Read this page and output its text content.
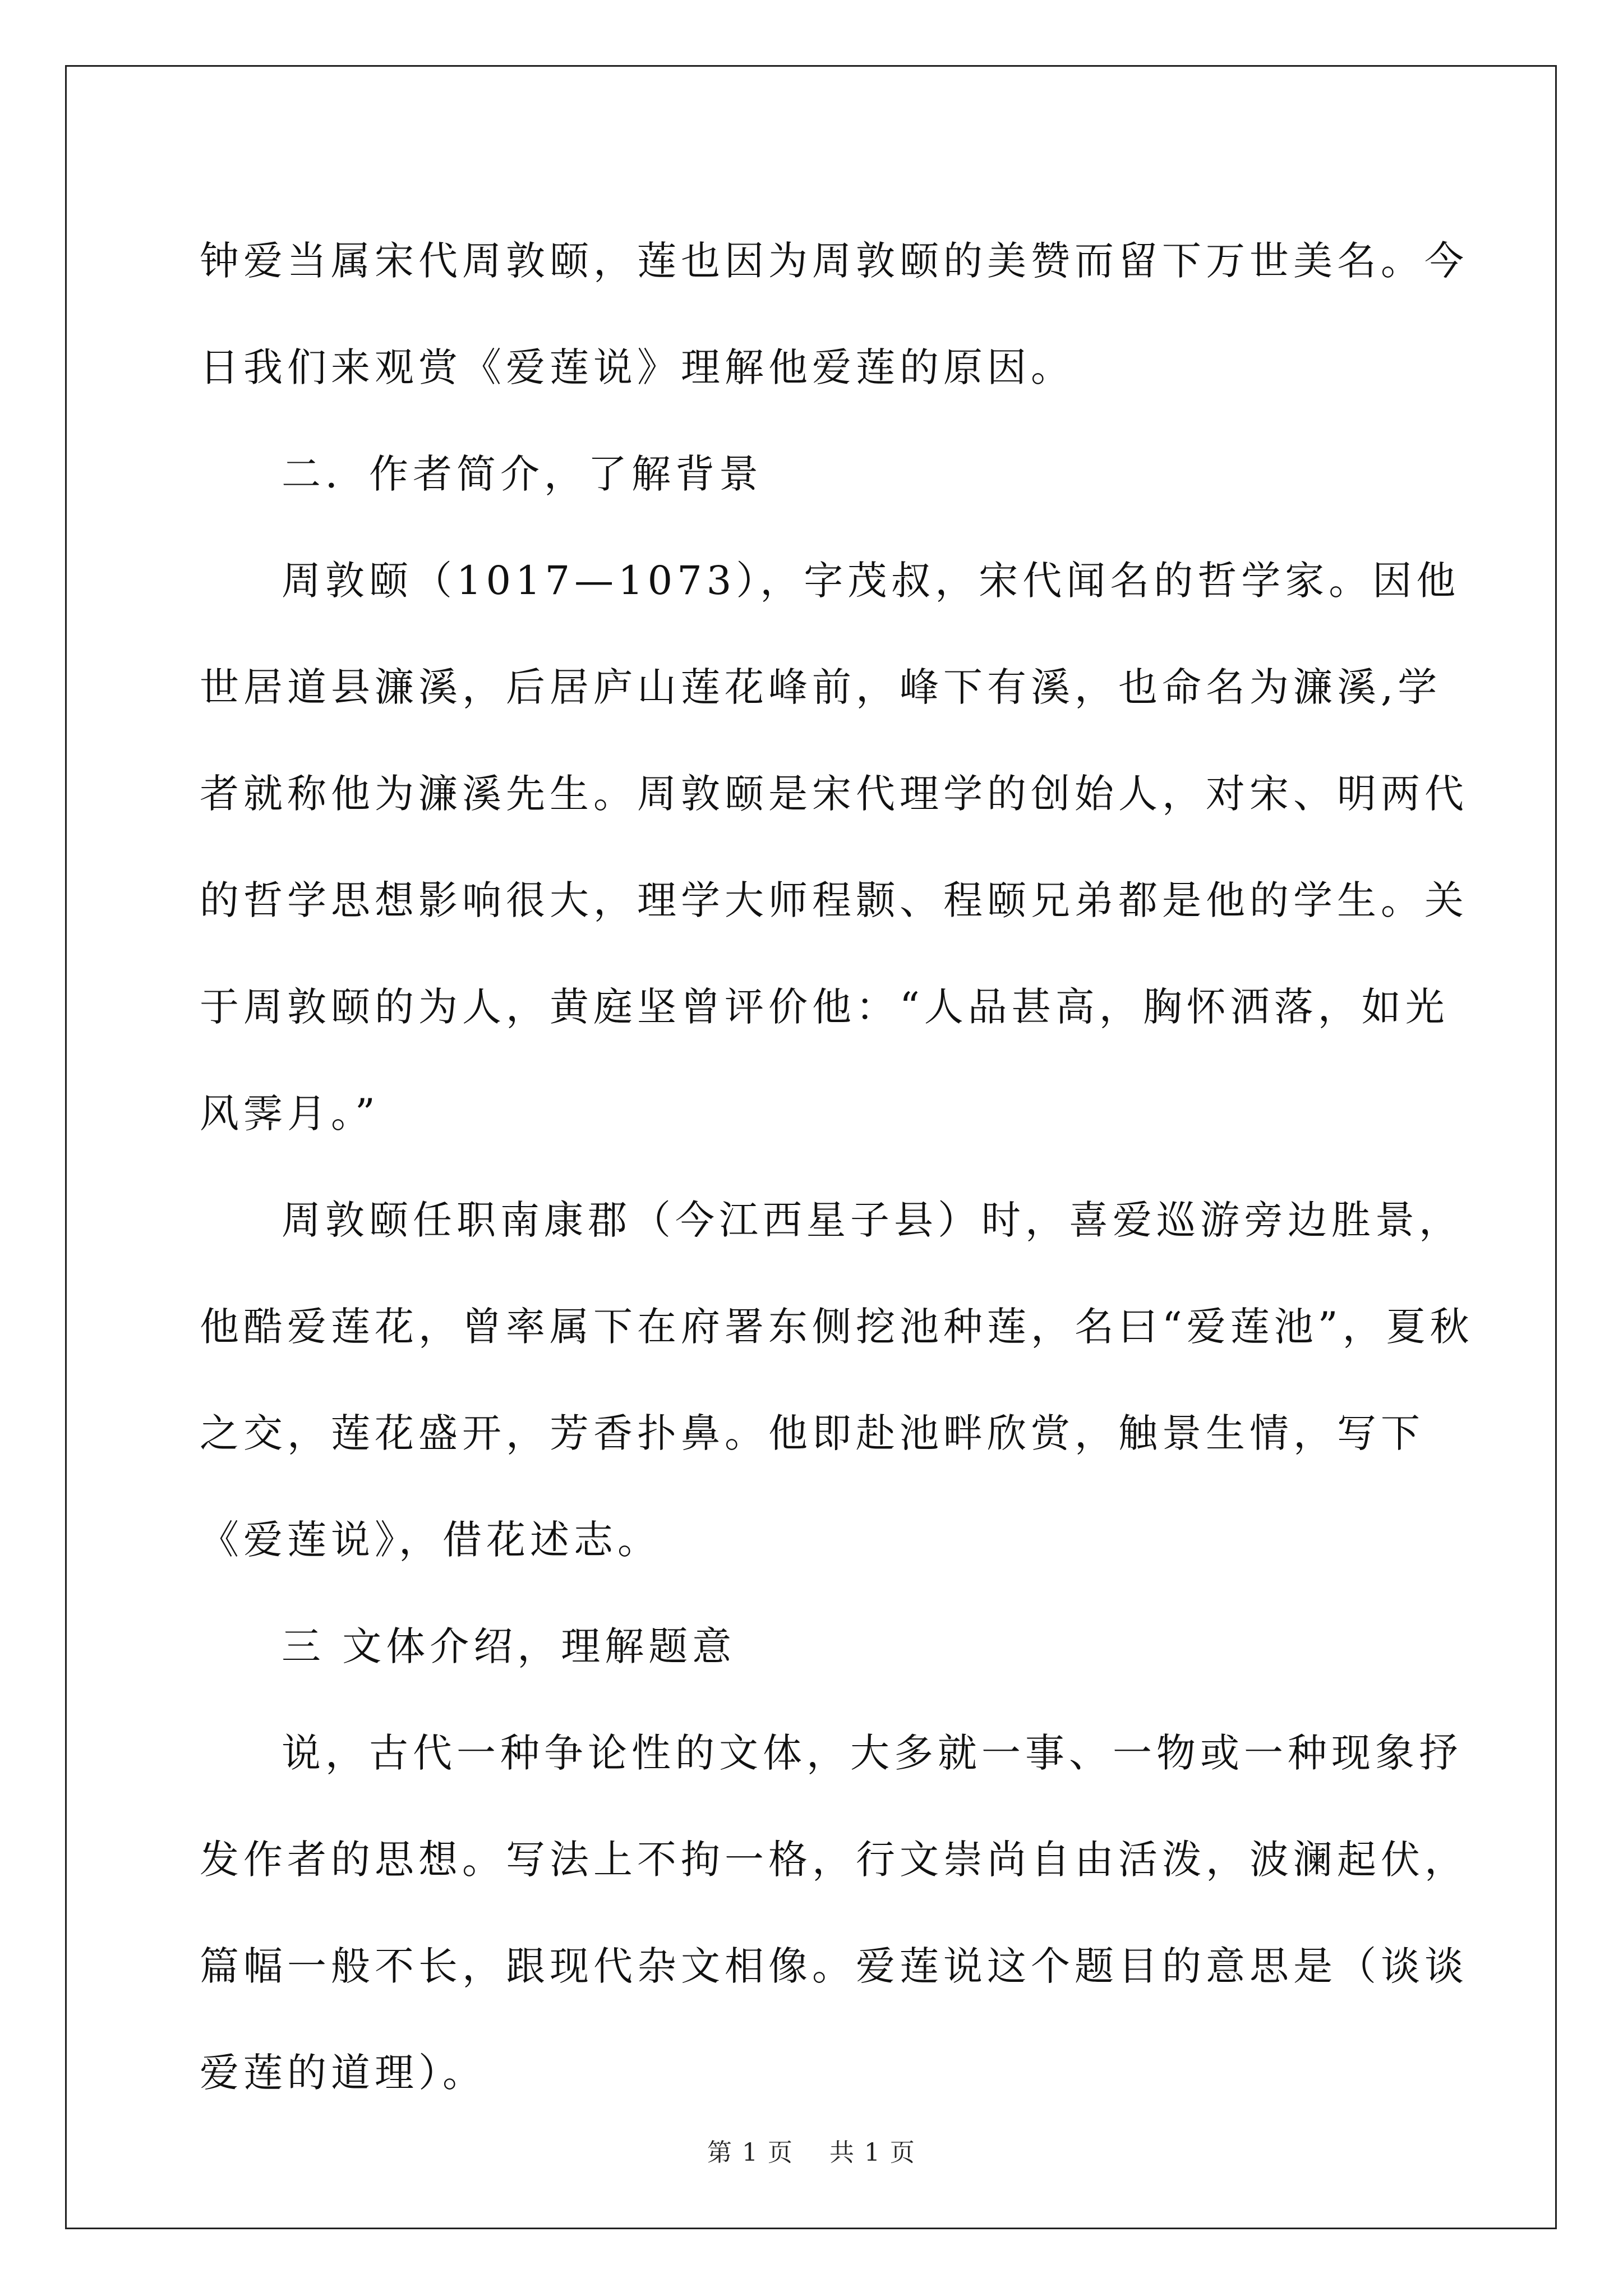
钟爱当属宋代周敦颐，莲也因为周敦颐的美赞而留下万世美名。今日我们来观赏《爱莲说》理解他爱莲的原因。

二．作者简介，了解背景

周敦颐（1017—1073），字茂叔，宋代闻名的哲学家。因他世居道县濂溪，后居庐山莲花峰前，峰下有溪，也命名为濂溪,学者就称他为濂溪先生。周敦颐是宋代理学的创始人，对宋、明两代的哲学思想影响很大，理学大师程颢、程颐兄弟都是他的学生。关于周敦颐的为人，黄庭坚曾评价他：“人品甚高，胸怀洒落，如光风霁月。”

周敦颐任职南康郡（今江西星子县）时，喜爱巡游旁边胜景，他酷爱莲花，曾率属下在府署东侧挖池种莲，名曰“爱莲池”，夏秋之交，莲花盛开，芳香扑鼻。他即赴池畔欣赏，触景生情，写下《爱莲说》，借花述志。

三 文体介绍，理解题意

说，古代一种争论性的文体，大多就一事、一物或一种现象抒发作者的思想。写法上不拘一格，行文崇尚自由活泼，波澜起伏，篇幅一般不长，跟现代杂文相像。爱莲说这个题目的意思是（谈谈爱莲的道理）。

第 1 页    共 1 页
